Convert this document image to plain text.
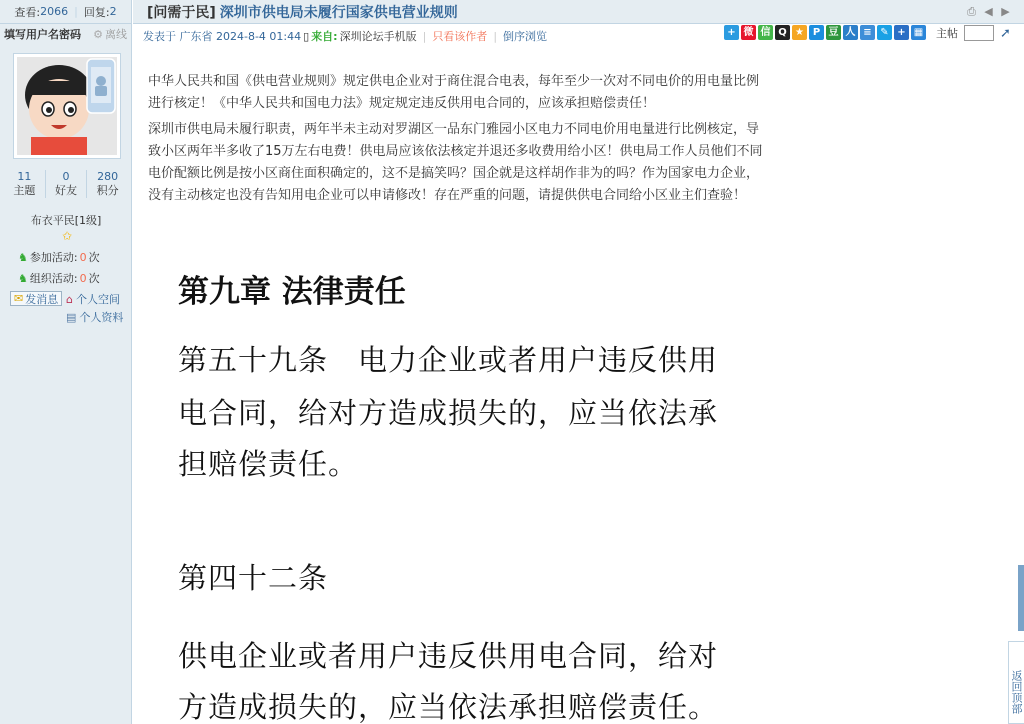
查看: 2066 | 回复: 2
填写用户名密码 ⚙ 离线
11
主题
0
好友
280
积分
布衣平民[1级]
✩
♞ 参加活动: 0 次
♞ 组织活动: 0 次
✉ 发消息 ⌂ 个人空间
▤ 个人资料
[问需于民] 深圳市供电局未履行国家供电营业规则	⎙ ◀ ▶
发表于 广东省 2024-8-4 01:44 ▯ 来自: 深圳论坛手机版 | 只看该作者 | 倒序浏览	+ 微 信 Q ★ P 豆 人 ≡ ✎ + ▦ 主帖	➚

中华人民共和国《供电营业规则》规定供电企业对于商住混合电表，每年至少一次对不同电价的用电量比例进行核定！《中华人民共和国电力法》规定规定违反供用电合同的，应该承担赔偿责任！

深圳市供电局未履行职责，两年半未主动对罗湖区一品东门雅园小区电力不同电价用电量进行比例核定，导致小区两年半多收了15万左右电费！供电局应该依法核定并退还多收费用给小区！供电局工作人员他们不同电价配额比例是按小区商住面积确定的，这不是搞笑吗？国企就是这样胡作非为的吗？作为国家电力企业，没有主动核定也没有告知用电企业可以申请修改！存在严重的问题，请提供供电合同给小区业主们查验！

第九章 法律责任
第五十九条　电力企业或者用户违反供用
电合同，给对方造成损失的，应当依法承
担赔偿责任。
第四十二条
供电企业或者用户违反供用电合同，给对
方造成损失的，应当依法承担赔偿责任。	返回顶部
